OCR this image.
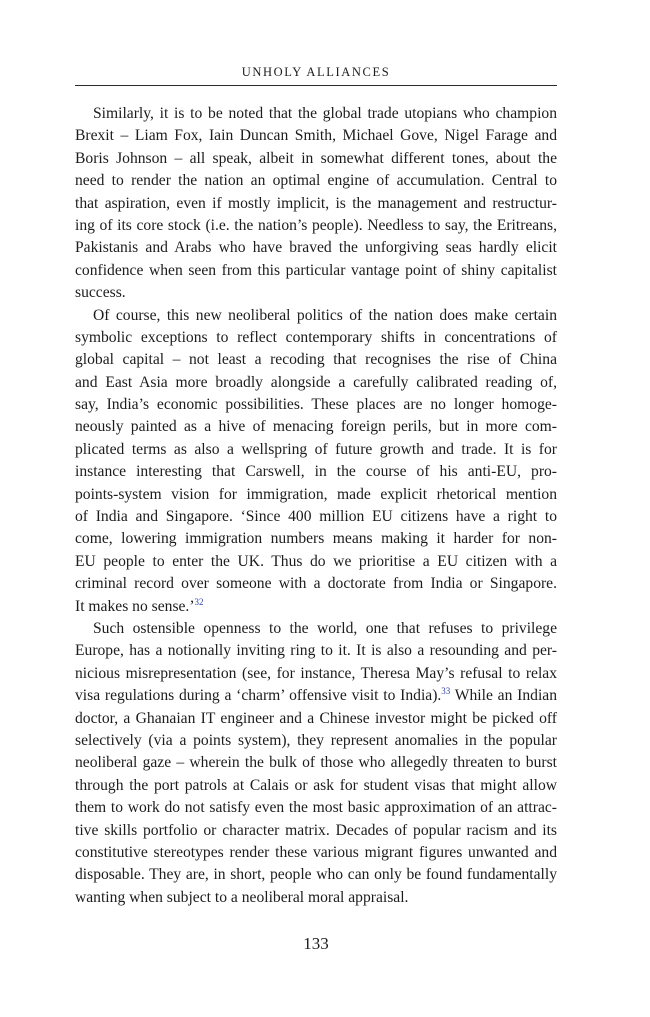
UNHOLY ALLIANCES
Similarly, it is to be noted that the global trade utopians who champion
Brexit – Liam Fox, Iain Duncan Smith, Michael Gove, Nigel Farage and
Boris Johnson – all speak, albeit in somewhat different tones, about the
need to render the nation an optimal engine of accumulation. Central to
that aspiration, even if mostly implicit, is the management and restructur-
ing of its core stock (i.e. the nation’s people). Needless to say, the Eritreans,
Pakistanis and Arabs who have braved the unforgiving seas hardly elicit
confidence when seen from this particular vantage point of shiny capitalist
success.
Of course, this new neoliberal politics of the nation does make certain
symbolic exceptions to reflect contemporary shifts in concentrations of
global capital – not least a recoding that recognises the rise of China
and East Asia more broadly alongside a carefully calibrated reading of,
say, India’s economic possibilities. These places are no longer homoge-
neously painted as a hive of menacing foreign perils, but in more com-
plicated terms as also a wellspring of future growth and trade. It is for
instance interesting that Carswell, in the course of his anti-EU, pro-
points-system vision for immigration, made explicit rhetorical mention
of India and Singapore. ‘Since 400 million EU citizens have a right to
come, lowering immigration numbers means making it harder for non-
EU people to enter the UK. Thus do we prioritise a EU citizen with a
criminal record over someone with a doctorate from India or Singapore.
It makes no sense.’$^{32}$
Such ostensible openness to the world, one that refuses to privilege
Europe, has a notionally inviting ring to it. It is also a resounding and per-
nicious misrepresentation (see, for instance, Theresa May’s refusal to relax
visa regulations during a ‘charm’ offensive visit to India).$^{33}$ While an Indian
doctor, a Ghanaian IT engineer and a Chinese investor might be picked off
selectively (via a points system), they represent anomalies in the popular
neoliberal gaze – wherein the bulk of those who allegedly threaten to burst
through the port patrols at Calais or ask for student visas that might allow
them to work do not satisfy even the most basic approximation of an attrac-
tive skills portfolio or character matrix. Decades of popular racism and its
constitutive stereotypes render these various migrant figures unwanted and
disposable. They are, in short, people who can only be found fundamentally
wanting when subject to a neoliberal moral appraisal.
133
